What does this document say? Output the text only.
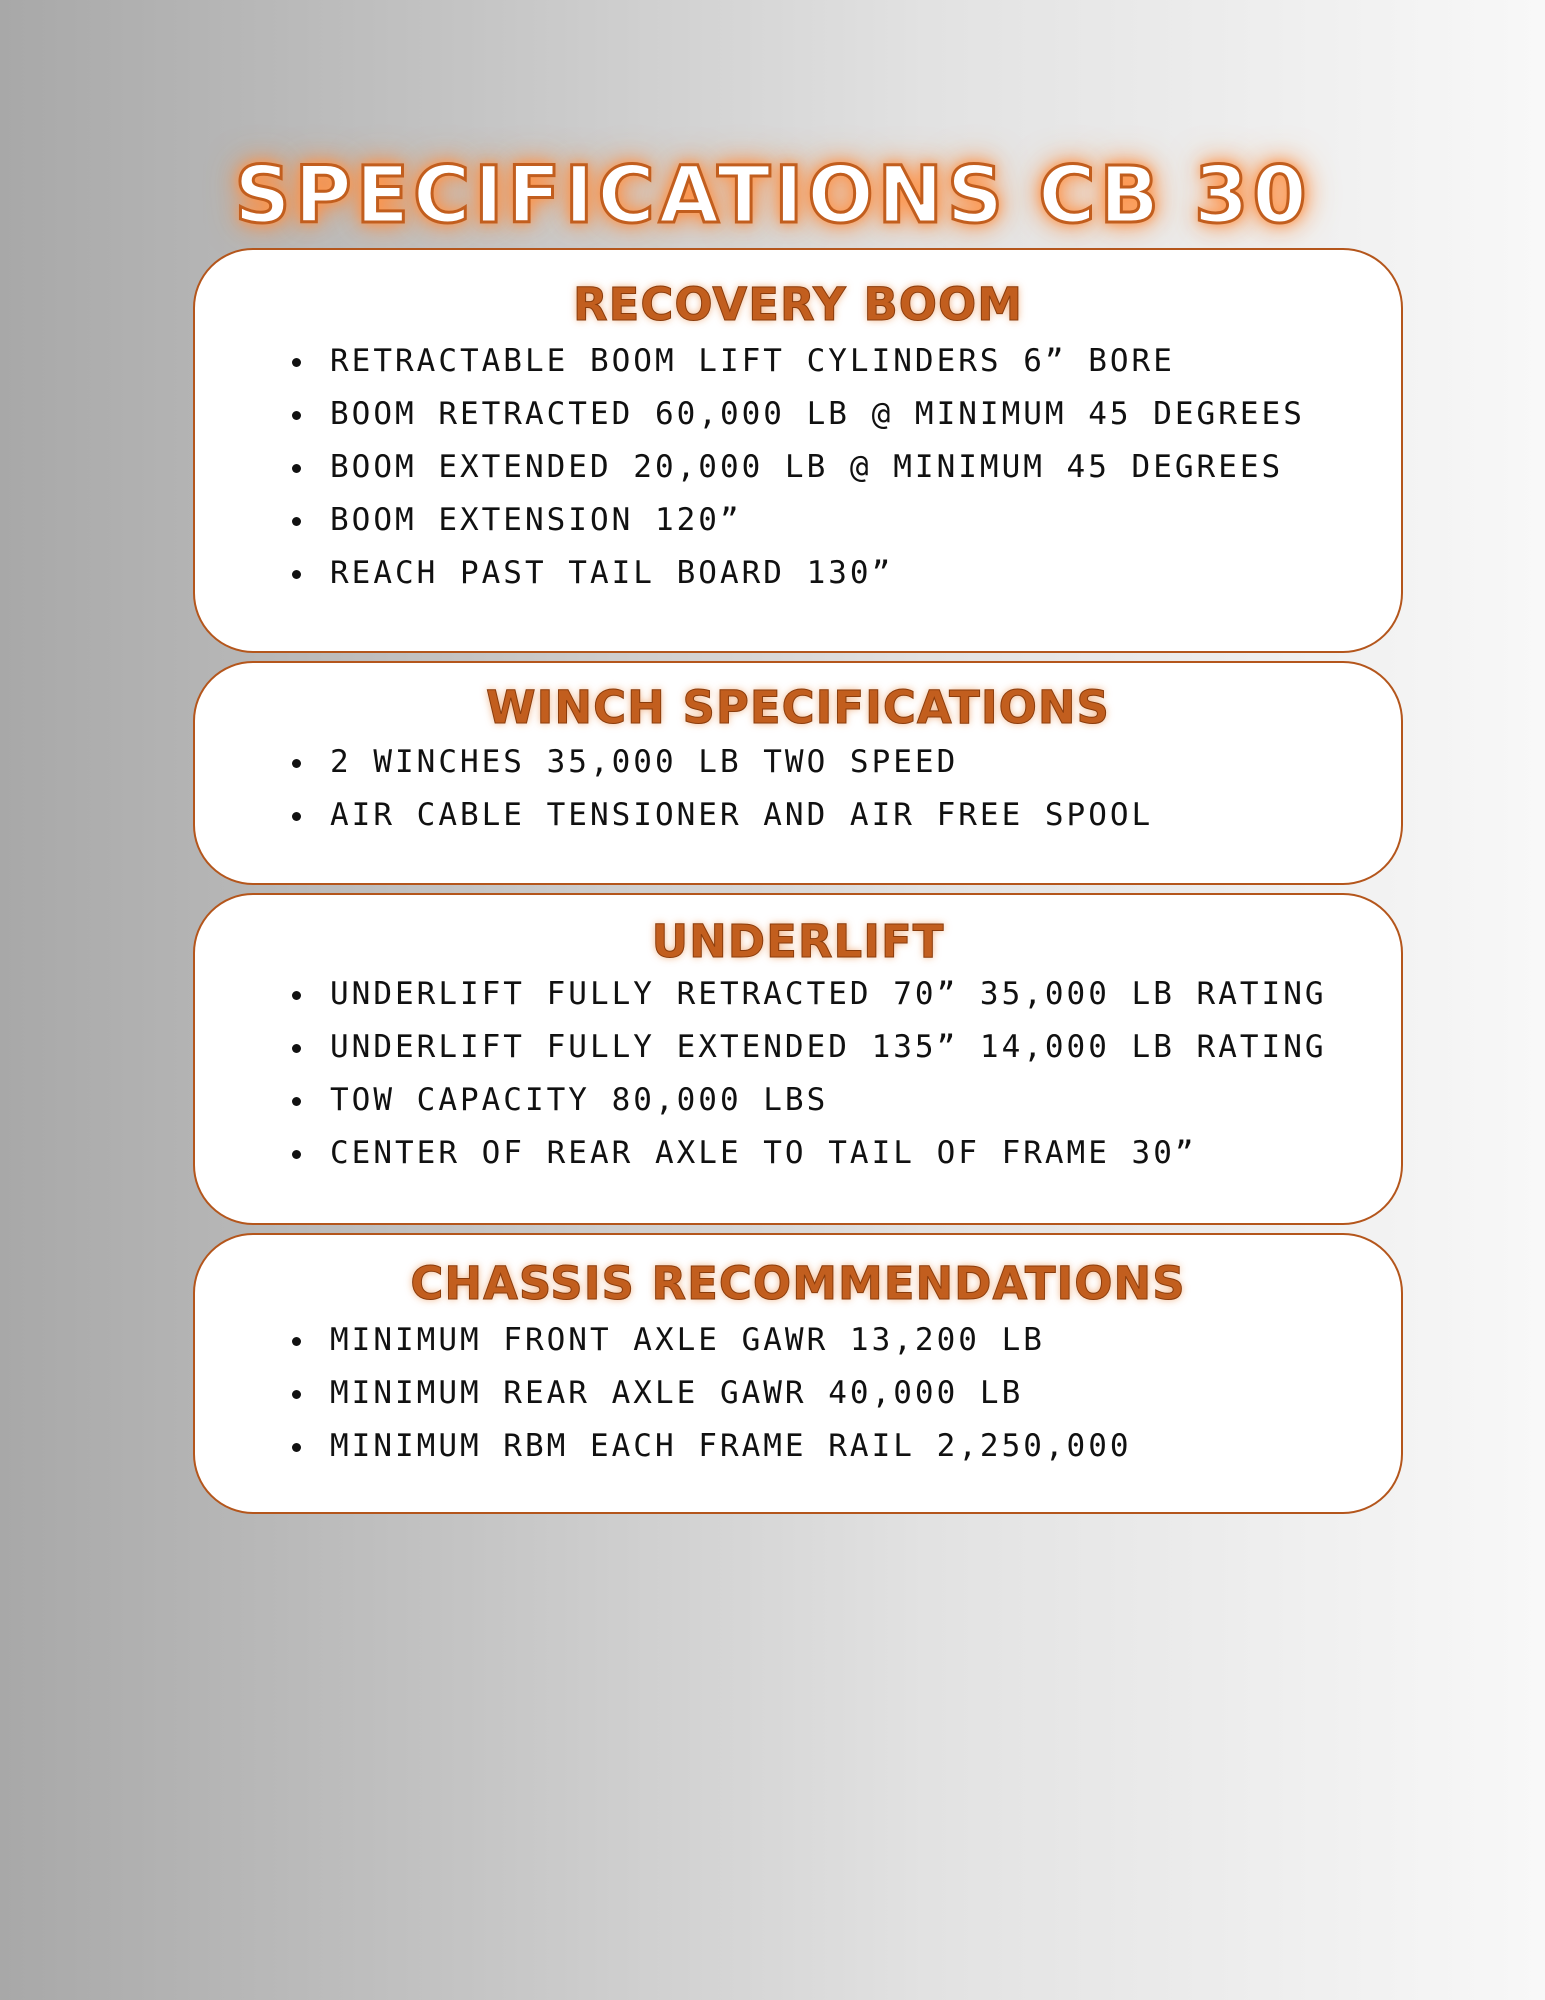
SPECIFICATIONS CB 30
RECOVERY BOOM
RETRACTABLE BOOM LIFT CYLINDERS 6” BORE
BOOM RETRACTED 60,000 LB @ MINIMUM 45 DEGREES
BOOM EXTENDED 20,000 LB @ MINIMUM 45 DEGREES
BOOM EXTENSION 120”
REACH PAST TAIL BOARD 130”
WINCH SPECIFICATIONS
2 WINCHES 35,000 LB TWO SPEED
AIR CABLE TENSIONER AND AIR FREE SPOOL
UNDERLIFT
UNDERLIFT FULLY RETRACTED 70” 35,000 LB RATING
UNDERLIFT FULLY EXTENDED 135” 14,000 LB RATING
TOW CAPACITY 80,000 LBS
CENTER OF REAR AXLE TO TAIL OF FRAME 30”
CHASSIS RECOMMENDATIONS
MINIMUM FRONT AXLE GAWR 13,200 LB
MINIMUM REAR AXLE GAWR 40,000 LB
MINIMUM RBM EACH FRAME RAIL 2,250,000
